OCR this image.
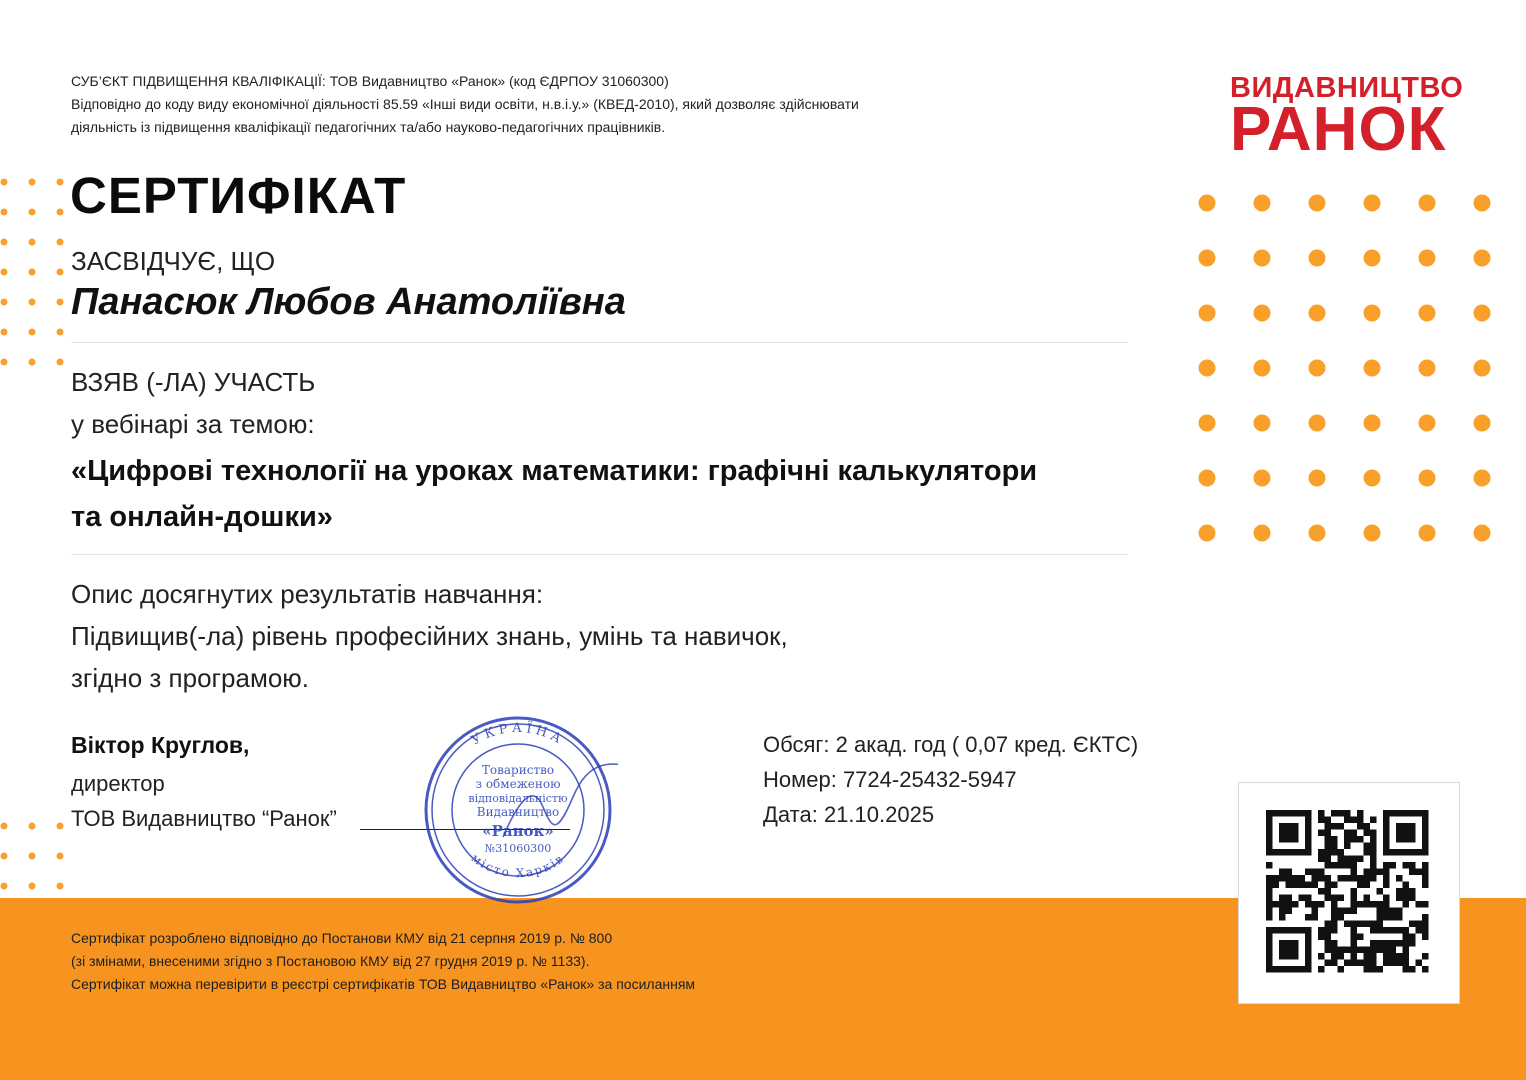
СУБ’ЄКТ ПІДВИЩЕННЯ КВАЛІФІКАЦІЇ: ТОВ Видавництво «Ранок» (код ЄДРПОУ 31060300)
Відповідно до коду виду економічної діяльності 85.59 «Інші види освіти, н.в.і.у.» (КВЕД-2010), який дозволяє здійснювати
діяльність із підвищення кваліфікації педагогічних та/або науково-педагогічних працівників.
ВИДАВНИЦТВО
РАНОК
СЕРТИФІКАТ
ЗАСВІДЧУЄ, ЩО
Панасюк Любов Анатоліївна
ВЗЯВ (-ЛА) УЧАСТЬ
у вебінарі за темою:
«Цифрові технології на уроках математики: графічні калькулятори та онлайн-дошки»
Опис досягнутих результатів навчання:
Підвищив(-ла) рівень професійних знань, умінь та навичок,
згідно з програмою.
Віктор Круглов,
директор
ТОВ Видавництво “Ранок”
УКРАЇНА
місто Харків
Товариство
з обмеженою
відповідальністю
Видавництво
«Ранок»
№31060300
Обсяг: 2 акад. год ( 0,07 кред. ЄКТС)
Номер: 7724-25432-5947
Дата: 21.10.2025
Сертифікат розроблено відповідно до Постанови КМУ від 21 серпня 2019 р. № 800
(зі змінами, внесеними згідно з Постановою КМУ від 27 грудня 2019 р. № 1133).
Сертифікат можна перевірити в реєстрі сертифікатів ТОВ Видавництво «Ранок» за посиланням
